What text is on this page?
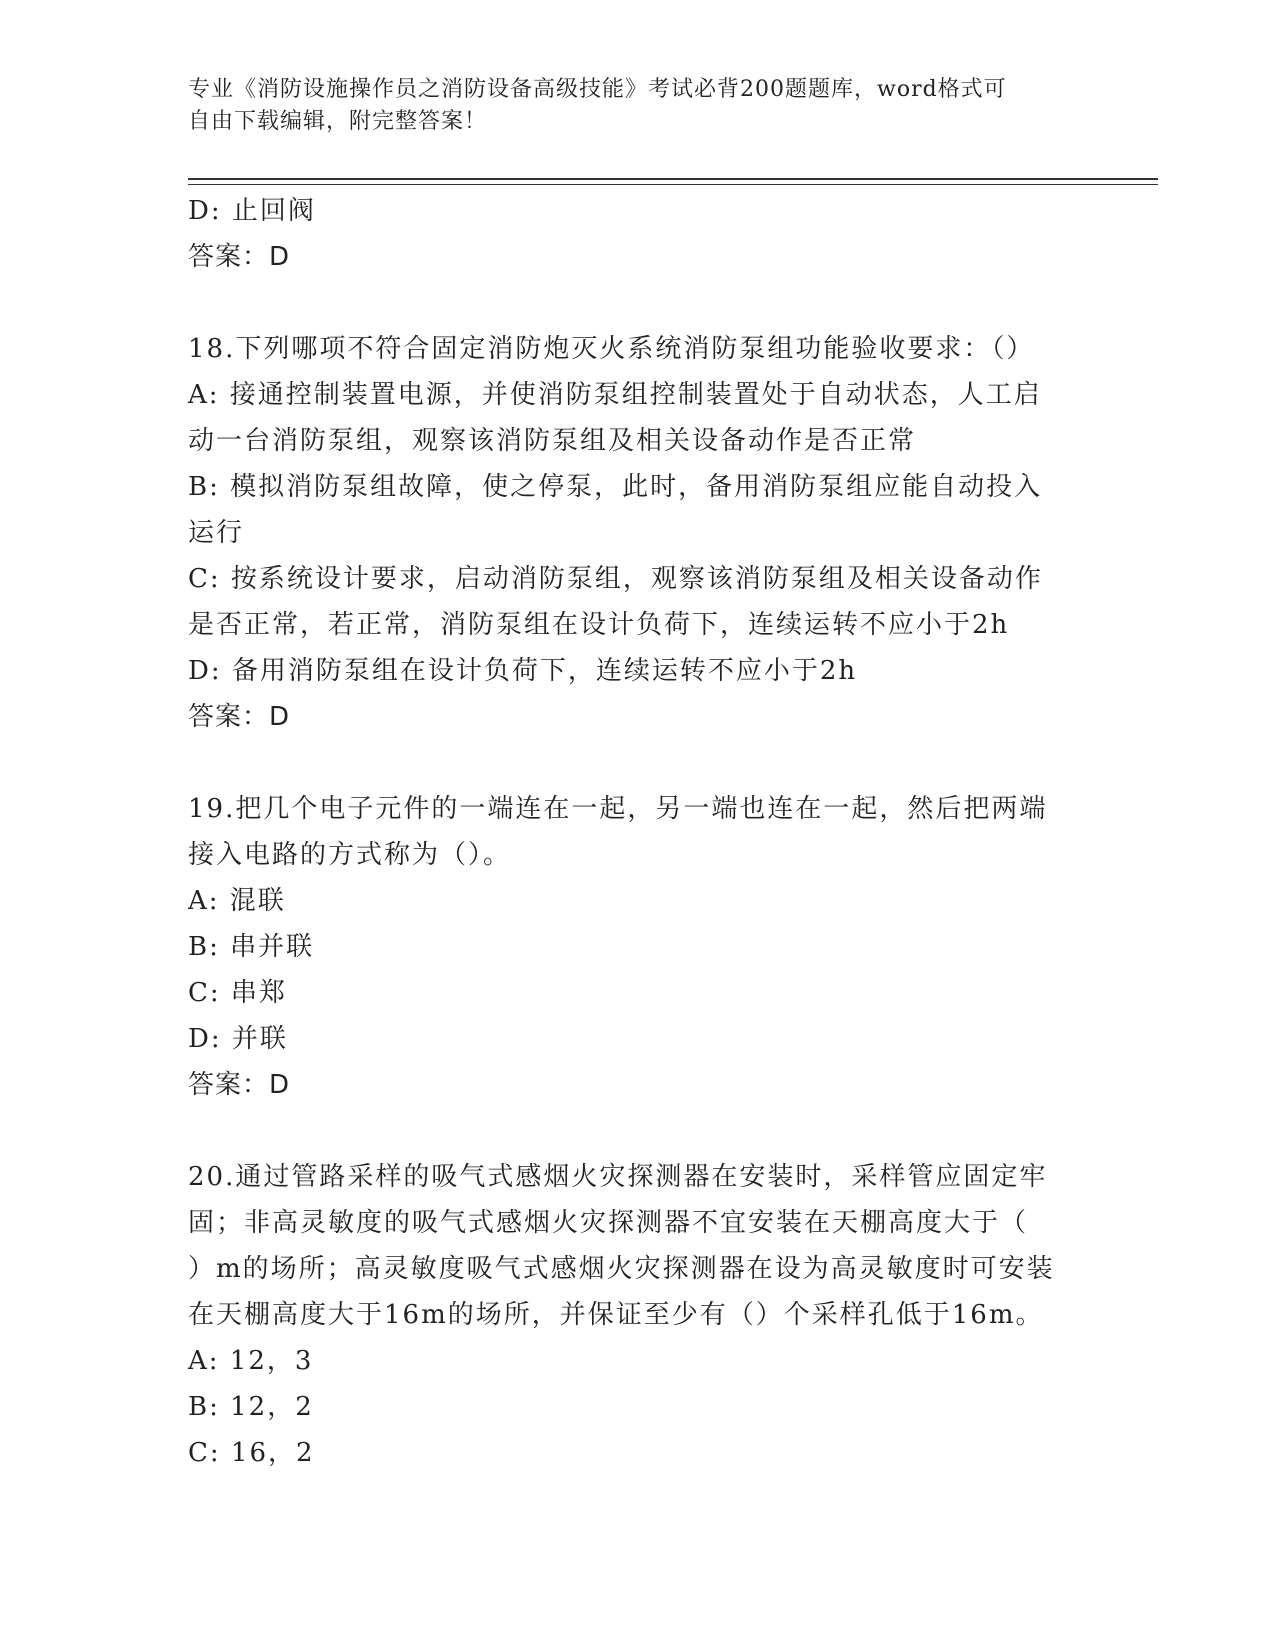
专业《消防设施操作员之消防设备高级技能》考试必背200题题库，word格式可
自由下载编辑，附完整答案！
D: 止回阀
答案：D
18.下列哪项不符合固定消防炮灭火系统消防泵组功能验收要求：（）
A: 接通控制装置电源，并使消防泵组控制装置处于自动状态，人工启
动一台消防泵组，观察该消防泵组及相关设备动作是否正常
B: 模拟消防泵组故障，使之停泵，此时，备用消防泵组应能自动投入
运行
C: 按系统设计要求，启动消防泵组，观察该消防泵组及相关设备动作
是否正常，若正常，消防泵组在设计负荷下，连续运转不应小于2h
D: 备用消防泵组在设计负荷下，连续运转不应小于2h
答案：D
19.把几个电子元件的一端连在一起，另一端也连在一起，然后把两端
接入电路的方式称为（）。
A: 混联
B: 串并联
C: 串郑
D: 并联
答案：D
20.通过管路采样的吸气式感烟火灾探测器在安装时，采样管应固定牢
固；非高灵敏度的吸气式感烟火灾探测器不宜安装在天棚高度大于（
）m的场所；高灵敏度吸气式感烟火灾探测器在设为高灵敏度时可安装
在天棚高度大于16m的场所，并保证至少有（）个采样孔低于16m。
A: 12，3
B: 12，2
C: 16，2
